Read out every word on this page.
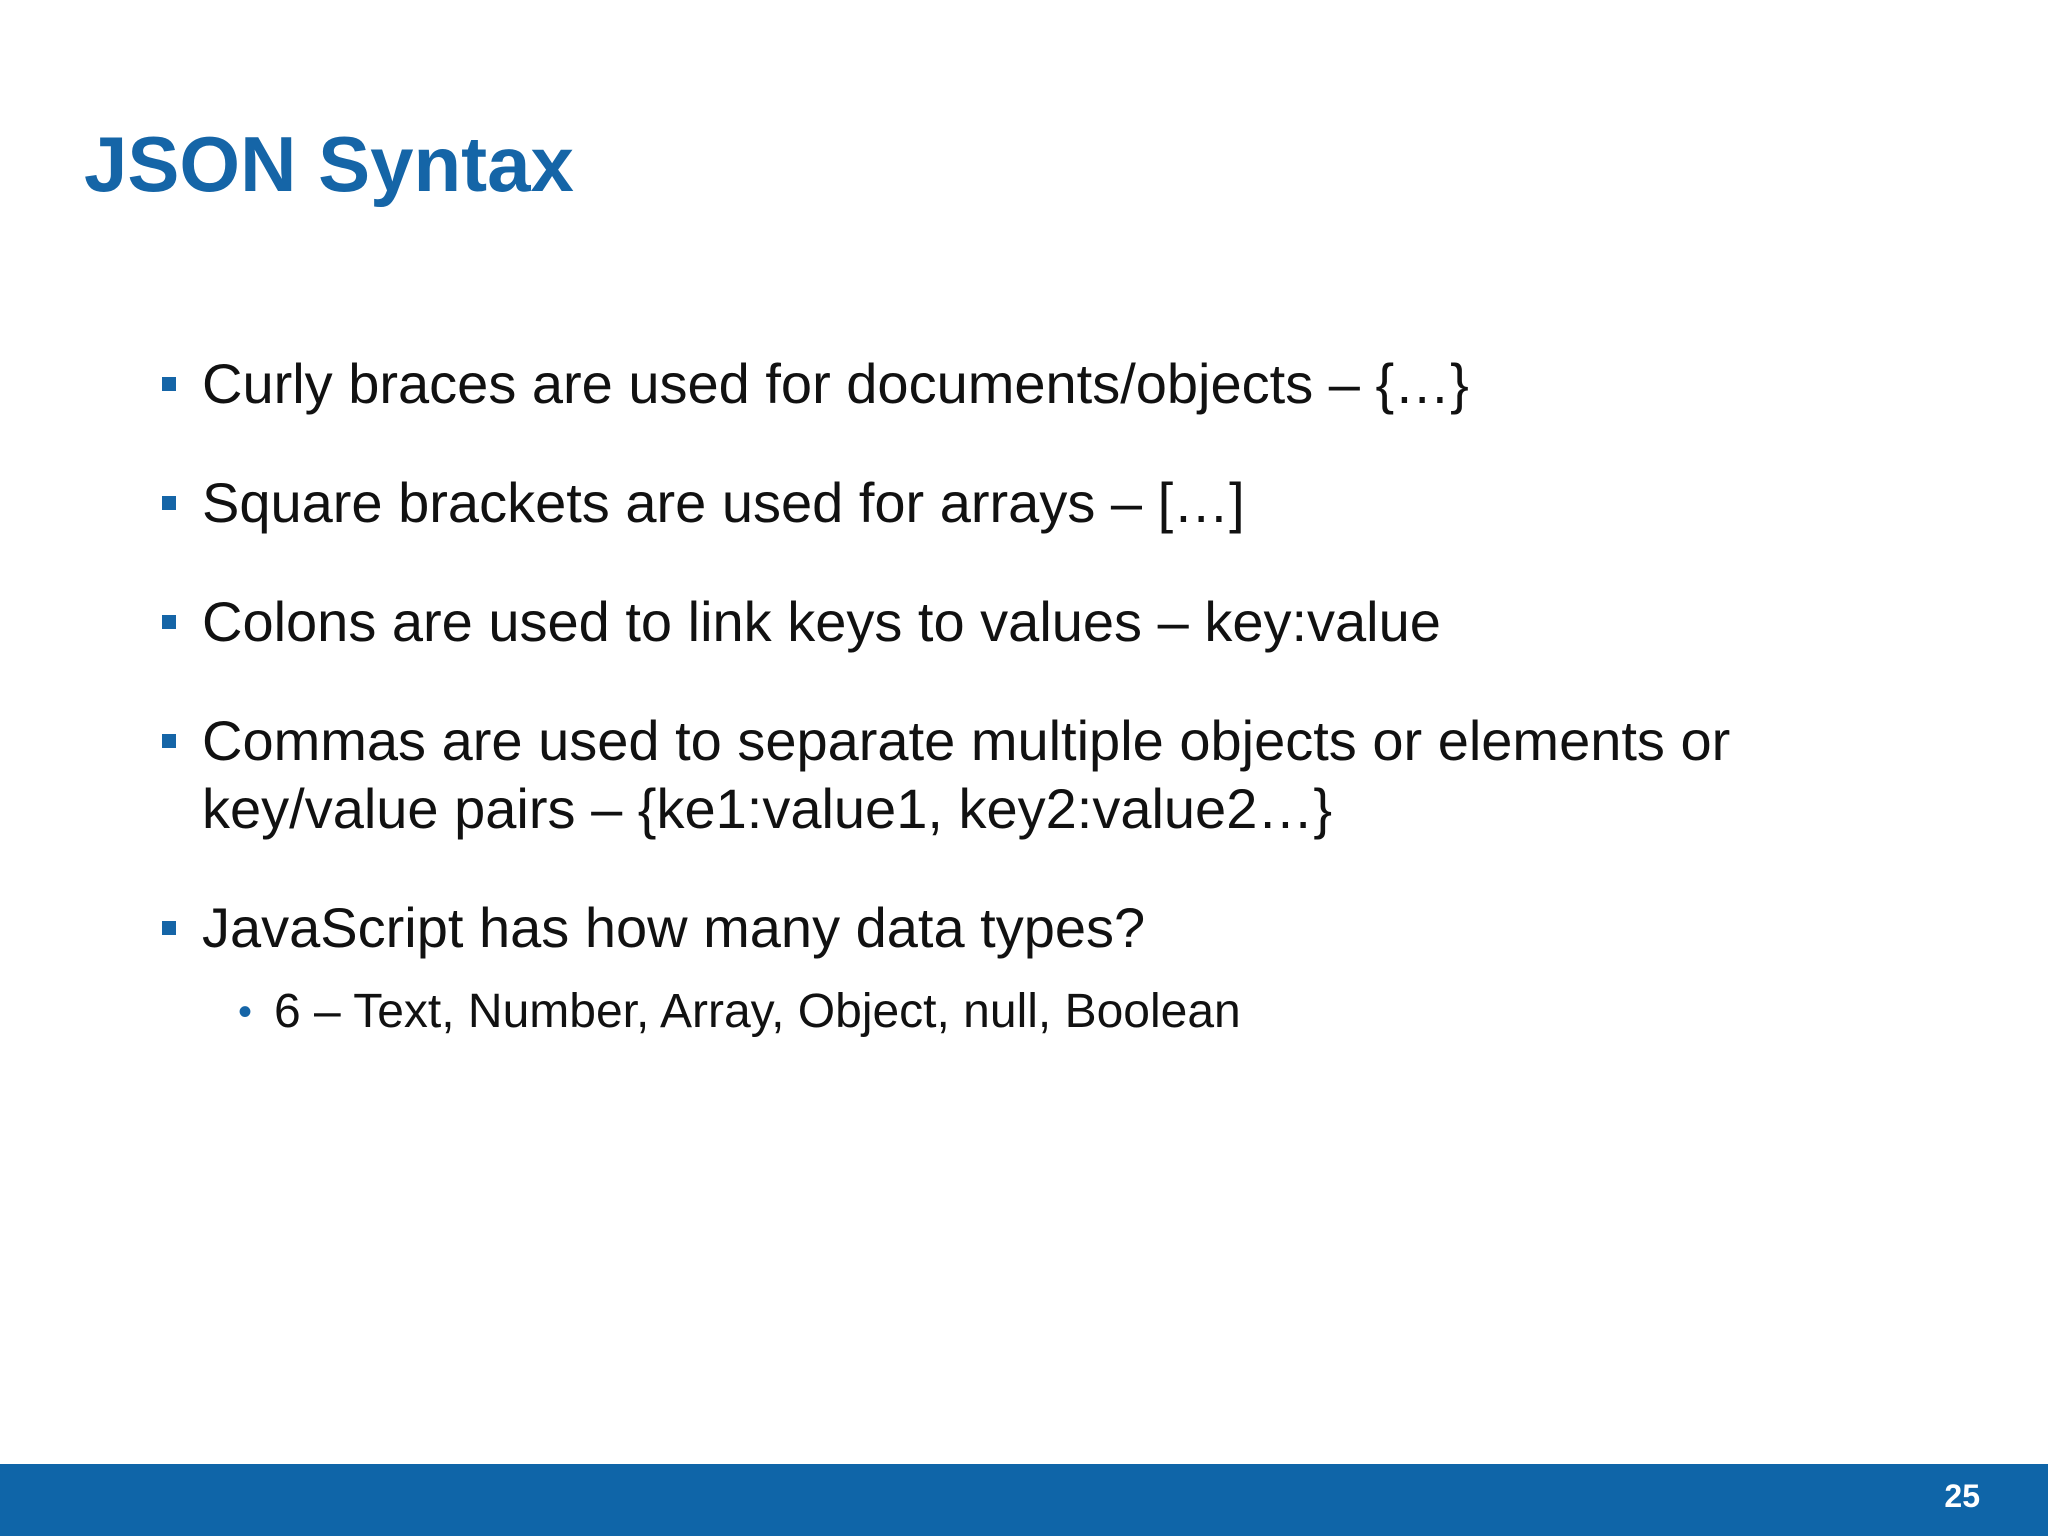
JSON Syntax
Curly braces are used for documents/objects – {…}
Square brackets are used for arrays – […]
Colons are used to link keys to values – key:value
Commas are used to separate multiple objects or elements or key/value pairs – {ke1:value1, key2:value2…}
JavaScript has how many data types?
• 6 – Text, Number, Array, Object, null, Boolean
25
